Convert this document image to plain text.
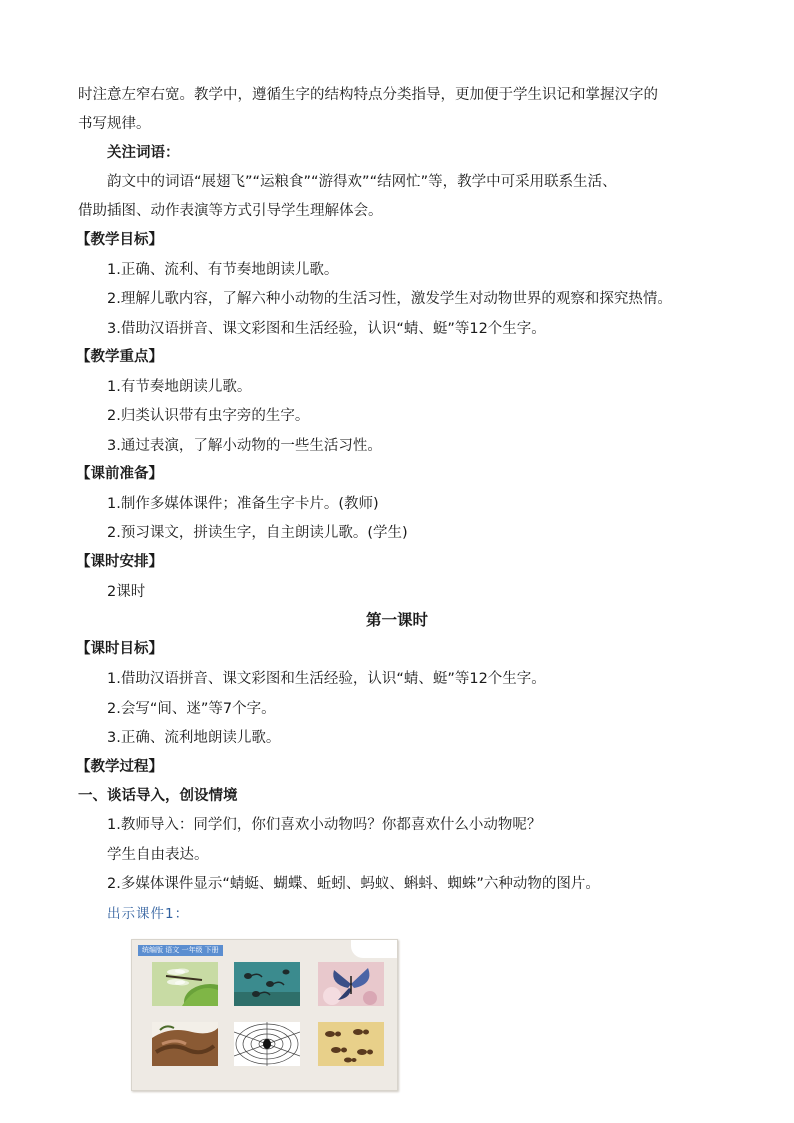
时注意左窄右宽。教学中，遵循生字的结构特点分类指导，更加便于学生识记和掌握汉字的
书写规律。
关注词语：
韵文中的词语“展翅飞”“运粮食”“游得欢”“结网忙”等，教学中可采用联系生活、
借助插图、动作表演等方式引导学生理解体会。
【教学目标】
1.正确、流利、有节奏地朗读儿歌。
2.理解儿歌内容，了解六种小动物的生活习性，激发学生对动物世界的观察和探究热情。
3.借助汉语拼音、课文彩图和生活经验，认识“蜻、蜓”等12个生字。
【教学重点】
1.有节奏地朗读儿歌。
2.归类认识带有虫字旁的生字。
3.通过表演，了解小动物的一些生活习性。
【课前准备】
1.制作多媒体课件；准备生字卡片。(教师)
2.预习课文，拼读生字，自主朗读儿歌。(学生)
【课时安排】
2课时
第一课时
【课时目标】
1.借助汉语拼音、课文彩图和生活经验，认识“蜻、蜓”等12个生字。
2.会写“间、迷”等7个字。
3.正确、流利地朗读儿歌。
【教学过程】
一、谈话导入，创设情境
1.教师导入：同学们，你们喜欢小动物吗？你都喜欢什么小动物呢？
学生自由表达。
2.多媒体课件显示“蜻蜓、蝴蝶、蚯蚓、蚂蚁、蝌蚪、蜘蛛”六种动物的图片。
出示课件1：
统编版 语文 一年级 下册
